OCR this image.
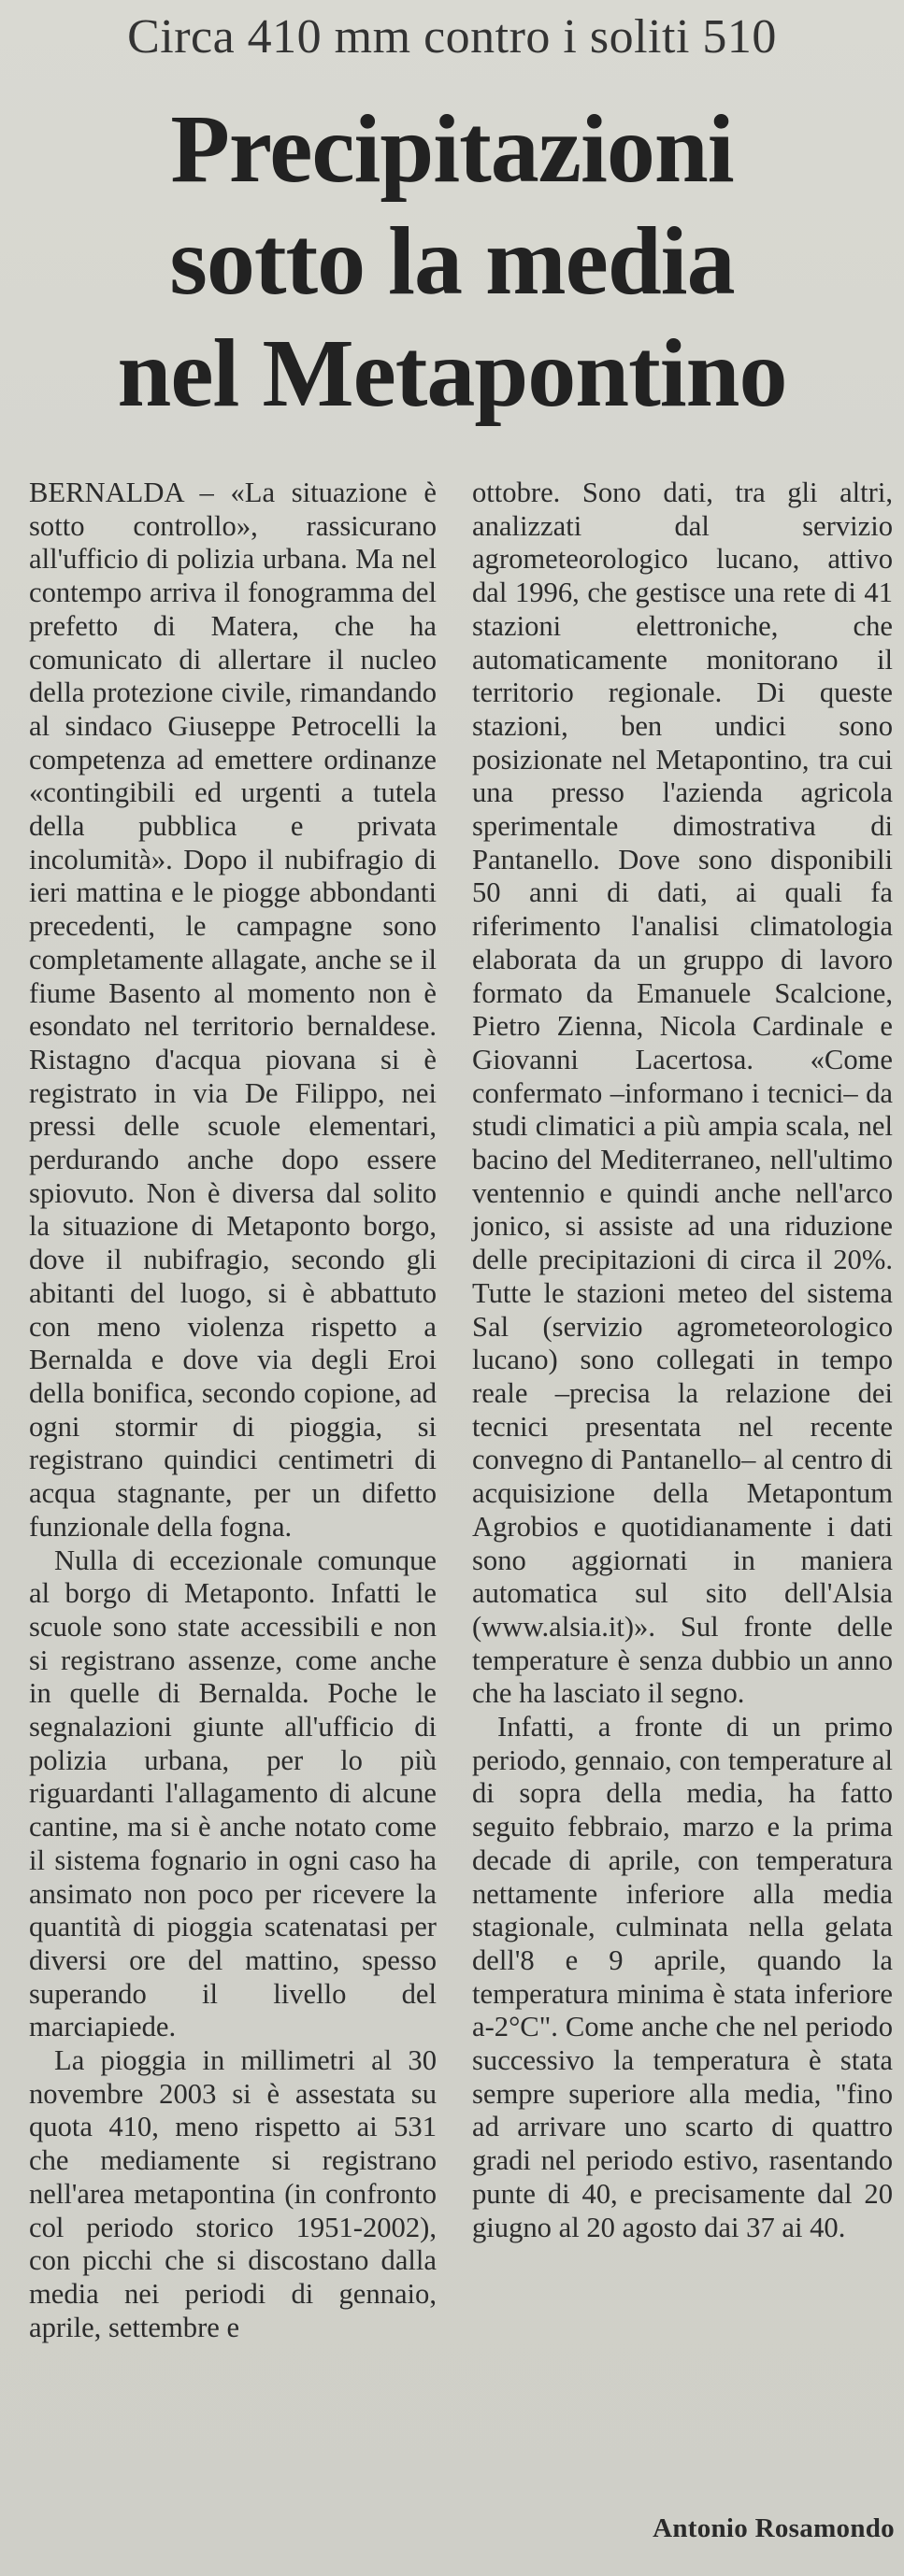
Circa 410 mm contro i soliti 510
Precipitazioni
sotto la media
nel Metapontino

BERNALDA – «La situazione è sotto controllo», rassicurano all'ufficio di polizia urbana. Ma nel contempo arriva il fonogramma del prefetto di Matera, che ha comunicato di allertare il nucleo della protezione civile, rimandando al sindaco Giuseppe Petrocelli la competenza ad emettere ordinanze «contingibili ed urgenti a tutela della pubblica e privata incolumità». Dopo il nubifragio di ieri mattina e le piogge abbondanti precedenti, le campagne sono completamente allagate, anche se il fiume Basento al momento non è esondato nel territorio bernaldese. Ristagno d'acqua piovana si è registrato in via De Filippo, nei pressi delle scuole elementari, perdurando anche dopo essere spiovuto. Non è diversa dal solito la situazione di Metaponto borgo, dove il nubifragio, secondo gli abitanti del luogo, si è abbattuto con meno violenza rispetto a Bernalda e dove via degli Eroi della bonifica, secondo copione, ad ogni stormir di pioggia, si registrano quindici centimetri di acqua stagnante, per un difetto funzionale della fogna.

Nulla di eccezionale comunque al borgo di Metaponto. Infatti le scuole sono state accessibili e non si registrano assenze, come anche in quelle di Bernalda. Poche le segnalazioni giunte all'ufficio di polizia urbana, per lo più riguardanti l'allagamento di alcune cantine, ma si è anche notato come il sistema fognario in ogni caso ha ansimato non poco per ricevere la quantità di pioggia scatenatasi per diversi ore del mattino, spesso superando il livello del marciapiede.

La pioggia in millimetri al 30 novembre 2003 si è assestata su quota 410, meno rispetto ai 531 che mediamente si registrano nell'area metapontina (in confronto col periodo storico 1951-2002), con picchi che si discostano dalla media nei periodi di gennaio, aprile, settembre e

ottobre. Sono dati, tra gli altri, analizzati dal servizio agrometeorologico lucano, attivo dal 1996, che gestisce una rete di 41 stazioni elettroniche, che automaticamente monitorano il territorio regionale. Di queste stazioni, ben undici sono posizionate nel Metapontino, tra cui una presso l'azienda agricola sperimentale dimostrativa di Pantanello. Dove sono disponibili 50 anni di dati, ai quali fa riferimento l'analisi climatologia elaborata da un gruppo di lavoro formato da Emanuele Scalcione, Pietro Zienna, Nicola Cardinale e Giovanni Lacertosa. «Come confermato –informano i tecnici– da studi climatici a più ampia scala, nel bacino del Mediterraneo, nell'ultimo ventennio e quindi anche nell'arco jonico, si assiste ad una riduzione delle precipitazioni di circa il 20%. Tutte le stazioni meteo del sistema Sal (servizio agrometeorologico lucano) sono collegati in tempo reale –precisa la relazione dei tecnici presentata nel recente convegno di Pantanello– al centro di acquisizione della Metapontum Agrobios e quotidianamente i dati sono aggiornati in maniera automatica sul sito dell'Alsia (www.alsia.it)». Sul fronte delle temperature è senza dubbio un anno che ha lasciato il segno.

Infatti, a fronte di un primo periodo, gennaio, con temperature al di sopra della media, ha fatto seguito febbraio, marzo e la prima decade di aprile, con temperatura nettamente inferiore alla media stagionale, culminata nella gelata dell'8 e 9 aprile, quando la temperatura minima è stata inferiore a-2°C". Come anche che nel periodo successivo la temperatura è stata sempre superiore alla media, "fino ad arrivare uno scarto di quattro gradi nel periodo estivo, rasentando punte di 40, e precisamente dal 20 giugno al 20 agosto dai 37 ai 40.

Antonio Rosamondo
